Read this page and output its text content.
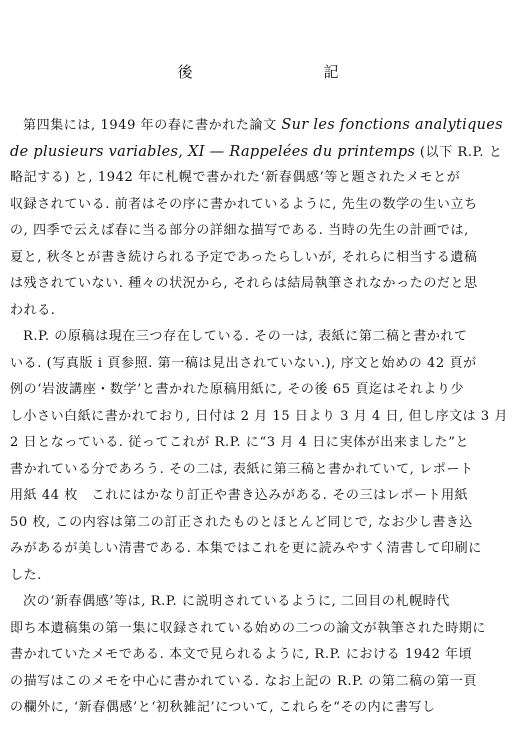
後　記
第四集には, 1949 年の春に書かれた論文 Sur les fonctions analytiques
de plusieurs variables, XI — Rappelées du printemps (以下 R.P. と
略記する) と, 1942 年に札幌で書かれた‘新春偶感’等と題されたメモとが
収録されている. 前者はその序に書かれているように, 先生の数学の生い立ち
の, 四季で云えば春に当る部分の詳細な描写である. 当時の先生の計画では,
夏と, 秋冬とが書き続けられる予定であったらしいが, それらに相当する遺稿
は残されていない. 種々の状況から, それらは結局執筆されなかったのだと思
われる.
R.P. の原稿は現在三つ存在している. その一は, 表紙に第二稿と書かれて
いる. (写真版 i 頁参照. 第一稿は見出されていない.), 序文と始めの 42 頁が
例の‘岩波講座・数学’と書かれた原稿用紙に, その後 65 頁迄はそれより少
し小さい白紙に書かれており, 日付は 2 月 15 日より 3 月 4 日, 但し序文は 3 月
2 日となっている. 従ってこれが R.P. に“3 月 4 日に実体が出来ました”と
書かれている分であろう. その二は, 表紙に第三稿と書かれていて, レポート
用紙 44 枚　これにはかなり訂正や書き込みがある. その三はレポート用紙
50 枚, この内容は第二の訂正されたものとほとんど同じで, なお少し書き込
みがあるが美しい清書である. 本集ではこれを更に読みやすく清書して印刷に
した.
次の‘新春偶感’等は, R.P. に説明されているように, 二回目の札幌時代
即ち本遺稿集の第一集に収録されている始めの二つの論文が執筆された時期に
書かれていたメモである. 本文で見られるように, R.P. における 1942 年頃
の描写はこのメモを中心に書かれている. なお上記の R.P. の第二稿の第一頁
の欄外に, ‘新春偶感’と‘初秋雑記’について, これらを“その内に書写し
